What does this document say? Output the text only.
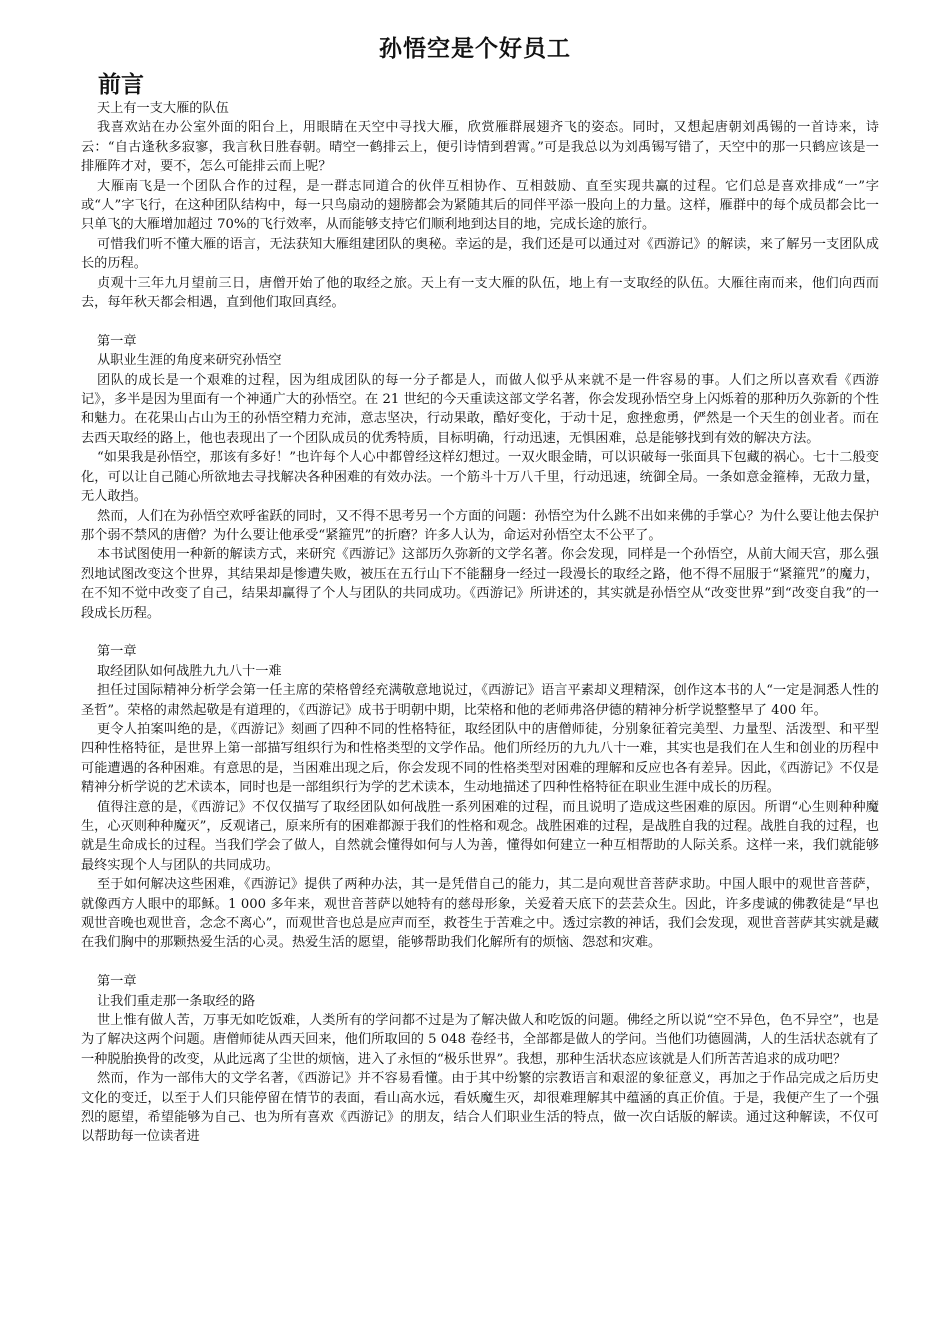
孙悟空是个好员工
前言

天上有一支大雁的队伍

我喜欢站在办公室外面的阳台上，用眼睛在天空中寻找大雁，欣赏雁群展翅齐飞的姿态。同时，又想起唐朝刘禹锡的一首诗来，诗云：“自古逢秋多寂寥，我言秋日胜春朝。晴空一鹤排云上，便引诗情到碧霄。”可是我总以为刘禹锡写错了，天空中的那一只鹤应该是一排雁阵才对，要不，怎么可能排云而上呢？

大雁南飞是一个团队合作的过程，是一群志同道合的伙伴互相协作、互相鼓励、直至实现共赢的过程。它们总是喜欢排成“一”字或“人”字飞行，在这种团队结构中，每一只鸟扇动的翅膀都会为紧随其后的同伴平添一股向上的力量。这样，雁群中的每个成员都会比一只单飞的大雁增加超过 70%的飞行效率，从而能够支持它们顺利地到达目的地，完成长途的旅行。

可惜我们听不懂大雁的语言，无法获知大雁组建团队的奥秘。幸运的是，我们还是可以通过对《西游记》的解读，来了解另一支团队成长的历程。

贞观十三年九月望前三日，唐僧开始了他的取经之旅。天上有一支大雁的队伍，地上有一支取经的队伍。大雁往南而来，他们向西而去，每年秋天都会相遇，直到他们取回真经。

第一章

从职业生涯的角度来研究孙悟空

团队的成长是一个艰难的过程，因为组成团队的每一分子都是人，而做人似乎从来就不是一件容易的事。人们之所以喜欢看《西游记》，多半是因为里面有一个神通广大的孙悟空。在 21 世纪的今天重读这部文学名著，你会发现孙悟空身上闪烁着的那种历久弥新的个性和魅力。在花果山占山为王的孙悟空精力充沛，意志坚决，行动果敢，酷好变化，于动十足，愈挫愈勇，俨然是一个天生的创业者。而在去西天取经的路上，他也表现出了一个团队成员的优秀特质，目标明确，行动迅速，无惧困难，总是能够找到有效的解决方法。

“如果我是孙悟空，那该有多好！”也许每个人心中都曾经这样幻想过。一双火眼金睛，可以识破每一张面具下包藏的祸心。七十二般变化，可以让自己随心所欲地去寻找解决各种困难的有效办法。一个筋斗十万八千里，行动迅速，统御全局。一条如意金箍棒，无敌力量，无人敢挡。

然而，人们在为孙悟空欢呼雀跃的同时，又不得不思考另一个方面的问题：孙悟空为什么跳不出如来佛的手掌心？为什么要让他去保护那个弱不禁风的唐僧？为什么要让他承受“紧箍咒”的折磨？许多人认为，命运对孙悟空太不公平了。

本书试图使用一种新的解读方式，来研究《西游记》这部历久弥新的文学名著。你会发现，同样是一个孙悟空，从前大闹天宫，那么强烈地试图改变这个世界，其结果却是惨遭失败，被压在五行山下不能翻身一经过一段漫长的取经之路，他不得不屈服于“紧箍咒”的魔力，在不知不觉中改变了自己，结果却赢得了个人与团队的共同成功。《西游记》所讲述的，其实就是孙悟空从“改变世界”到“改变自我”的一段成长历程。

第一章

取经团队如何战胜九九八十一难

担任过国际精神分析学会第一任主席的荣格曾经充满敬意地说过，《西游记》语言平素却义理精深，创作这本书的人“一定是洞悉人性的圣哲”。荣格的肃然起敬是有道理的，《西游记》成书于明朝中期，比荣格和他的老师弗洛伊德的精神分析学说整整早了 400 年。

更令人拍案叫绝的是，《西游记》刻画了四种不同的性格特征，取经团队中的唐僧师徒，分别象征着完美型、力量型、活泼型、和平型四种性格特征，是世界上第一部描写组织行为和性格类型的文学作品。他们所经历的九九八十一难，其实也是我们在人生和创业的历程中可能遭遇的各种困难。有意思的是，当困难出现之后，你会发现不同的性格类型对困难的理解和反应也各有差异。因此，《西游记》不仅是精神分析学说的艺术读本，同时也是一部组织行为学的艺术读本，生动地描述了四种性格特征在职业生涯中成长的历程。

值得注意的是，《西游记》不仅仅描写了取经团队如何战胜一系列困难的过程，而且说明了造成这些困难的原因。所谓“心生则种种魔生，心灭则种种魔灭”，反观诸己，原来所有的困难都源于我们的性格和观念。战胜困难的过程，是战胜自我的过程。战胜自我的过程，也就是生命成长的过程。当我们学会了做人，自然就会懂得如何与人为善，懂得如何建立一种互相帮助的人际关系。这样一来，我们就能够最终实现个人与团队的共同成功。

至于如何解决这些困难，《西游记》提供了两种办法，其一是凭借自己的能力，其二是向观世音菩萨求助。中国人眼中的观世音菩萨，就像西方人眼中的耶稣。1 000 多年来，观世音菩萨以她特有的慈母形象，关爱着天底下的芸芸众生。因此，许多虔诚的佛教徒是“早也观世音晚也观世音，念念不离心”，而观世音也总是应声而至，救苍生于苦难之中。透过宗教的神话，我们会发现，观世音菩萨其实就是藏在我们胸中的那颗热爱生活的心灵。热爱生活的愿望，能够帮助我们化解所有的烦恼、怨怼和灾难。

第一章

让我们重走那一条取经的路

世上惟有做人苦，万事无如吃饭难，人类所有的学问都不过是为了解决做人和吃饭的问题。佛经之所以说“空不异色，色不异空”，也是为了解决这两个问题。唐僧师徒从西天回来，他们所取回的 5 048 卷经书，全部都是做人的学问。当他们功德圆满，人的生活状态就有了一种脱胎换骨的改变，从此远离了尘世的烦恼，进入了永恒的“极乐世界”。我想，那种生活状态应该就是人们所苦苦追求的成功吧？

然而，作为一部伟大的文学名著，《西游记》并不容易看懂。由于其中纷繁的宗教语言和艰涩的象征意义，再加之于作品完成之后历史文化的变迁，以至于人们只能停留在情节的表面，看山高水远，看妖魔生灭，却很难理解其中蕴涵的真正价值。于是，我便产生了一个强烈的愿望，希望能够为自己、也为所有喜欢《西游记》的朋友，结合人们职业生活的特点，做一次白话版的解读。通过这种解读，不仅可以帮助每一位读者进
